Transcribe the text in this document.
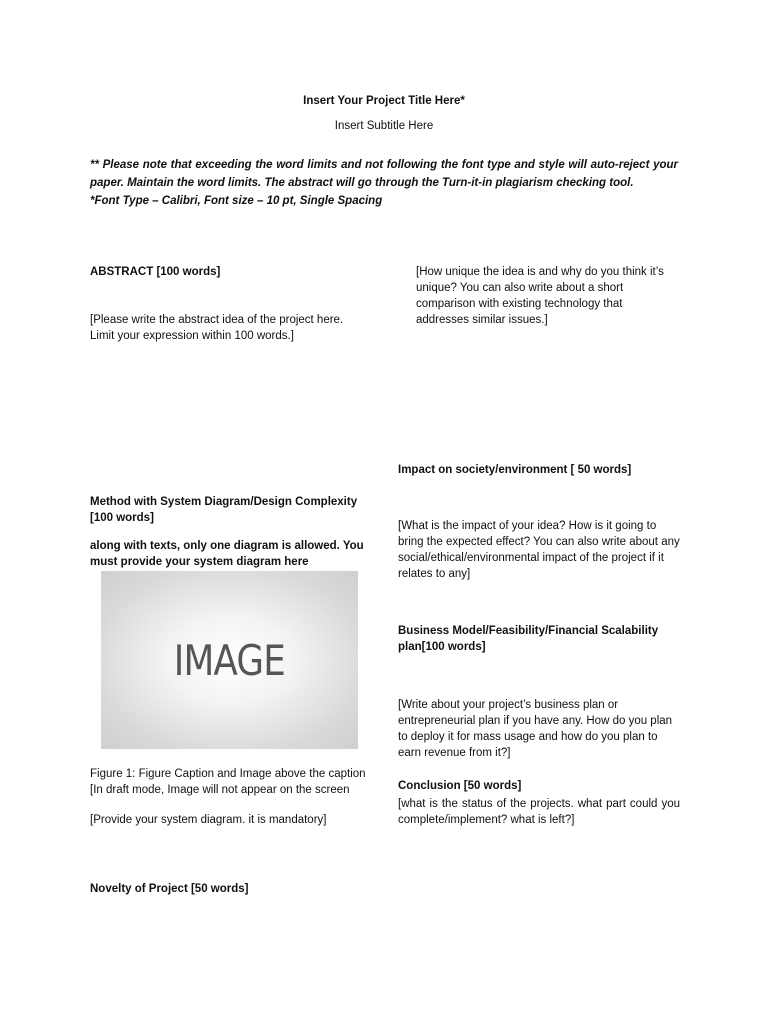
Insert Your Project Title Here*
Insert Subtitle Here

** Please note that exceeding the word limits and not following the font type and style will auto-reject your paper. Maintain the word limits. The abstract will go through the Turn-it-in plagiarism checking tool.

*Font Type – Calibri, Font size – 10 pt, Single Spacing

ABSTRACT [100 words]
[Please write the abstract idea of the project here. Limit your expression within 100 words.]
Method with System Diagram/Design Complexity [100 words]
along with texts, only one diagram is allowed. You must provide your system diagram here
IMAGE
Figure 1: Figure Caption and Image above the caption [In draft mode, Image will not appear on the screen
[Provide your system diagram. it is mandatory]
Novelty of Project [50 words]
[How unique the idea is and why do you think it’s unique? You can also write about a short comparison with existing technology that addresses similar issues.]
Impact on society/environment [ 50 words]
[What is the impact of your idea? How is it going to bring the expected effect? You can also write about any social/ethical/environmental impact of the project if it relates to any]
Business Model/Feasibility/Financial Scalability plan[100 words]
[Write about your project’s business plan or entrepreneurial plan if you have any. How do you plan to deploy it for mass usage and how do you plan to earn revenue from it?]
Conclusion [50 words]
[what is the status of the projects. what part could you complete/implement? what is left?]
